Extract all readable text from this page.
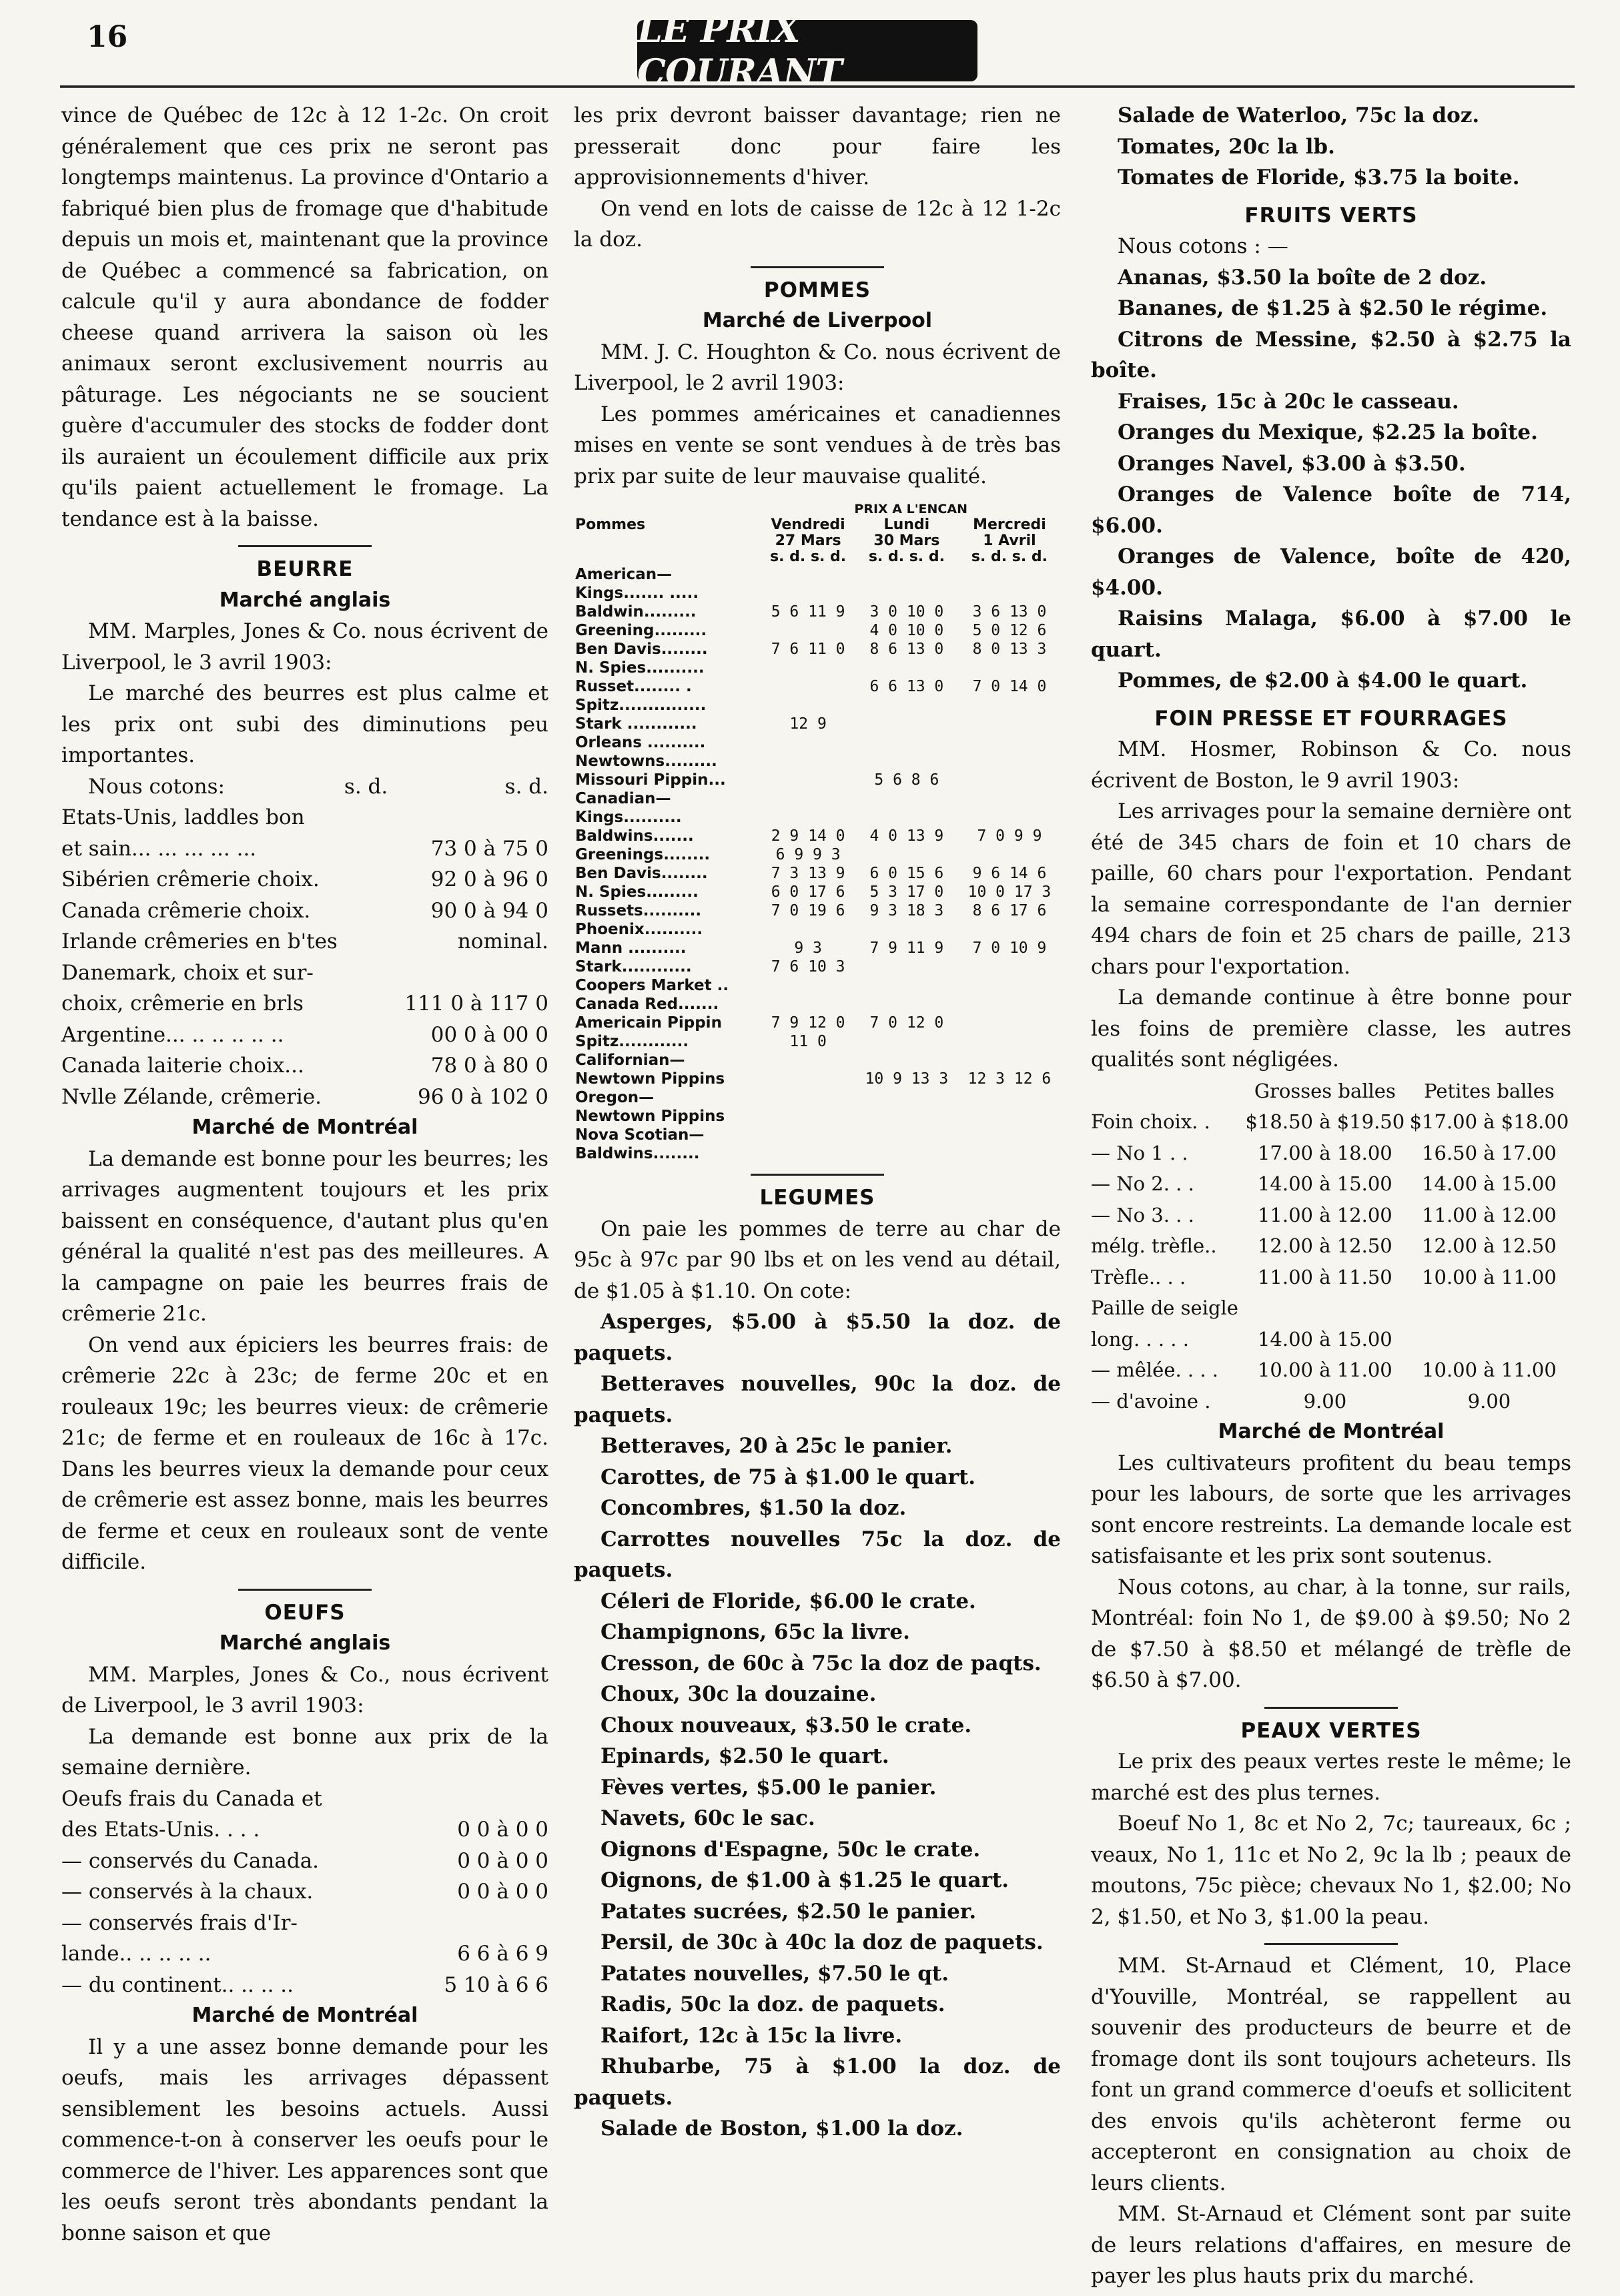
16	LE PRIX COURANT

vince de Québec de 12c à 12 1-2c. On croit généralement que ces prix ne seront pas longtemps maintenus. La province d'Ontario a fabriqué bien plus de fromage que d'habitude depuis un mois et, maintenant que la province de Québec a commencé sa fabrication, on calcule qu'il y aura abondance de fodder cheese quand arrivera la saison où les animaux seront exclusivement nourris au pâturage. Les négociants ne se soucient guère d'accumuler des stocks de fodder dont ils auraient un écoulement difficile aux prix qu'ils paient actuellement le fromage. La tendance est à la baisse.

BEURRE
Marché anglais

MM. Marples, Jones & Co. nous écrivent de Liverpool, le 3 avril 1903:

Le marché des beurres est plus calme et les prix ont subi des diminutions peu importantes.

Nous cotons:	s. d.	s. d.
Etats-Unis, laddles bon	
et sain... ... ... ... ...	73 0 à 75 0
Sibérien crêmerie choix.	92 0 à 96 0
Canada crêmerie choix.	90 0 à 94 0
Irlande crêmeries en b'tes	nominal.
Danemark, choix et sur-	
choix, crêmerie en brls	111 0 à 117 0
Argentine... .. .. .. .. ..	00 0 à 00 0
Canada laiterie choix...	78 0 à 80 0
Nvlle Zélande, crêmerie.	96 0 à 102 0
Marché de Montréal

La demande est bonne pour les beurres; les arrivages augmentent toujours et les prix baissent en conséquence, d'autant plus qu'en général la qualité n'est pas des meilleures. A la campagne on paie les beurres frais de crêmerie 21c.

On vend aux épiciers les beurres frais: de crêmerie 22c à 23c; de ferme 20c et en rouleaux 19c; les beurres vieux: de crêmerie 21c; de ferme et en rouleaux de 16c à 17c. Dans les beurres vieux la demande pour ceux de crêmerie est assez bonne, mais les beurres de ferme et ceux en rouleaux sont de vente difficile.

OEUFS
Marché anglais

MM. Marples, Jones & Co., nous écrivent de Liverpool, le 3 avril 1903:

La demande est bonne aux prix de la semaine dernière.

Oeufs frais du Canada et	
des Etats-Unis. . . .	0 0 à 0 0
— conservés du Canada.	0 0 à 0 0
— conservés à la chaux.	0 0 à 0 0
— conservés frais d'Ir-	
lande.. .. .. .. ..	6 6 à 6 9
— du continent.. .. .. ..	5 10 à 6 6
Marché de Montréal

Il y a une assez bonne demande pour les oeufs, mais les arrivages dépassent sensiblement les besoins actuels. Aussi commence-t-on à conserver les oeufs pour le commerce de l'hiver. Les apparences sont que les oeufs seront très abondants pendant la bonne saison et que

les prix devront baisser davantage; rien ne presserait donc pour faire les approvisionnements d'hiver.

On vend en lots de caisse de 12c à 12 1-2c la doz.

POMMES
Marché de Liverpool

MM. J. C. Houghton & Co. nous écrivent de Liverpool, le 2 avril 1903:

Les pommes américaines et canadiennes mises en vente se sont vendues à de très bas prix par suite de leur mauvaise qualité.

	PRIX A L'ENCAN		
Pommes	Vendredi	Lundi	Mercredi
	27 Mars	30 Mars	1 Avril
	s. d. s. d.	s. d. s. d.	s. d. s. d.
American—			
Kings....... .....			
Baldwin.........	5 6 11 9	3 0 10 0	3 6 13 0
Greening.........		4 0 10 0	5 0 12 6
Ben Davis........	7 6 11 0	8 6 13 0	8 0 13 3
N. Spies..........			
Russet........ .		6 6 13 0	7 0 14 0
Spitz...............			
Stark ............	12 9		
Orleans ..........			
Newtowns.........			
Missouri Pippin...		5 6 8 6	
Canadian—			
Kings..........			
Baldwins.......	2 9 14 0	4 0 13 9	7 0 9 9
Greenings........	6 9 9 3		
Ben Davis........	7 3 13 9	6 0 15 6	9 6 14 6
N. Spies.........	6 0 17 6	5 3 17 0	10 0 17 3
Russets..........	7 0 19 6	9 3 18 3	8 6 17 6
Phoenix..........			
Mann ..........	9 3	7 9 11 9	7 0 10 9
Stark............	7 6 10 3		
Coopers Market ..			
Canada Red.......			
Americain Pippin	7 9 12 0	7 0 12 0	
Spitz............	11 0		
Californian—			
Newtown Pippins		10 9 13 3	12 3 12 6
Oregon—			
Newtown Pippins			
Nova Scotian—			
Baldwins........			
LEGUMES

On paie les pommes de terre au char de 95c à 97c par 90 lbs et on les vend au détail, de $1.05 à $1.10. On cote:

Asperges, $5.00 à $5.50 la doz. de paquets.

Betteraves nouvelles, 90c la doz. de paquets.

Betteraves, 20 à 25c le panier.

Carottes, de 75 à $1.00 le quart.

Concombres, $1.50 la doz.

Carrottes nouvelles 75c la doz. de paquets.

Céleri de Floride, $6.00 le crate.

Champignons, 65c la livre.

Cresson, de 60c à 75c la doz de paqts.

Choux, 30c la douzaine.

Choux nouveaux, $3.50 le crate.

Epinards, $2.50 le quart.

Fèves vertes, $5.00 le panier.

Navets, 60c le sac.

Oignons d'Espagne, 50c le crate.

Oignons, de $1.00 à $1.25 le quart.

Patates sucrées, $2.50 le panier.

Persil, de 30c à 40c la doz de paquets.

Patates nouvelles, $7.50 le qt.

Radis, 50c la doz. de paquets.

Raifort, 12c à 15c la livre.

Rhubarbe, 75 à $1.00 la doz. de paquets.

Salade de Boston, $1.00 la doz.

Salade de Waterloo, 75c la doz.

Tomates, 20c la lb.

Tomates de Floride, $3.75 la boite.

FRUITS VERTS

Nous cotons : —

Ananas, $3.50 la boîte de 2 doz.

Bananes, de $1.25 à $2.50 le régime.

Citrons de Messine, $2.50 à $2.75 la boîte.

Fraises, 15c à 20c le casseau.

Oranges du Mexique, $2.25 la boîte.

Oranges Navel, $3.00 à $3.50.

Oranges de Valence boîte de 714, $6.00.

Oranges de Valence, boîte de 420, $4.00.

Raisins Malaga, $6.00 à $7.00 le quart.

Pommes, de $2.00 à $4.00 le quart.

FOIN PRESSE ET FOURRAGES

MM. Hosmer, Robinson & Co. nous écrivent de Boston, le 9 avril 1903:

Les arrivages pour la semaine dernière ont été de 345 chars de foin et 10 chars de paille, 60 chars pour l'exportation. Pendant la semaine correspondante de l'an dernier 494 chars de foin et 25 chars de paille, 213 chars pour l'exportation.

La demande continue à être bonne pour les foins de première classe, les autres qualités sont négligées.

	Grosses balles	Petites balles
Foin choix. .	$18.50 à $19.50	$17.00 à $18.00
— No 1 . .	17.00 à 18.00	16.50 à 17.00
— No 2. . .	14.00 à 15.00	14.00 à 15.00
— No 3. . .	11.00 à 12.00	11.00 à 12.00
mélg. trèfle..	12.00 à 12.50	12.00 à 12.50
Trèfle.. . .	11.00 à 11.50	10.00 à 11.00
Paille de seigle		
long. . . . .	14.00 à 15.00	
— mêlée. . . .	10.00 à 11.00	10.00 à 11.00
— d'avoine .	9.00	9.00
Marché de Montréal

Les cultivateurs profitent du beau temps pour les labours, de sorte que les arrivages sont encore restreints. La demande locale est satisfaisante et les prix sont soutenus.

Nous cotons, au char, à la tonne, sur rails, Montréal: foin No 1, de $9.00 à $9.50; No 2 de $7.50 à $8.50 et mélangé de trèfle de $6.50 à $7.00.

PEAUX VERTES

Le prix des peaux vertes reste le même; le marché est des plus ternes.

Boeuf No 1, 8c et No 2, 7c; taureaux, 6c ; veaux, No 1, 11c et No 2, 9c la lb ; peaux de moutons, 75c pièce; chevaux No 1, $2.00; No 2, $1.50, et No 3, $1.00 la peau.

MM. St-Arnaud et Clément, 10, Place d'Youville, Montréal, se rappellent au souvenir des producteurs de beurre et de fromage dont ils sont toujours acheteurs. Ils font un grand commerce d'oeufs et sollicitent des envois qu'ils achèteront ferme ou accepteront en consignation au choix de leurs clients.

MM. St-Arnaud et Clément sont par suite de leurs relations d'affaires, en mesure de payer les plus hauts prix du marché.
